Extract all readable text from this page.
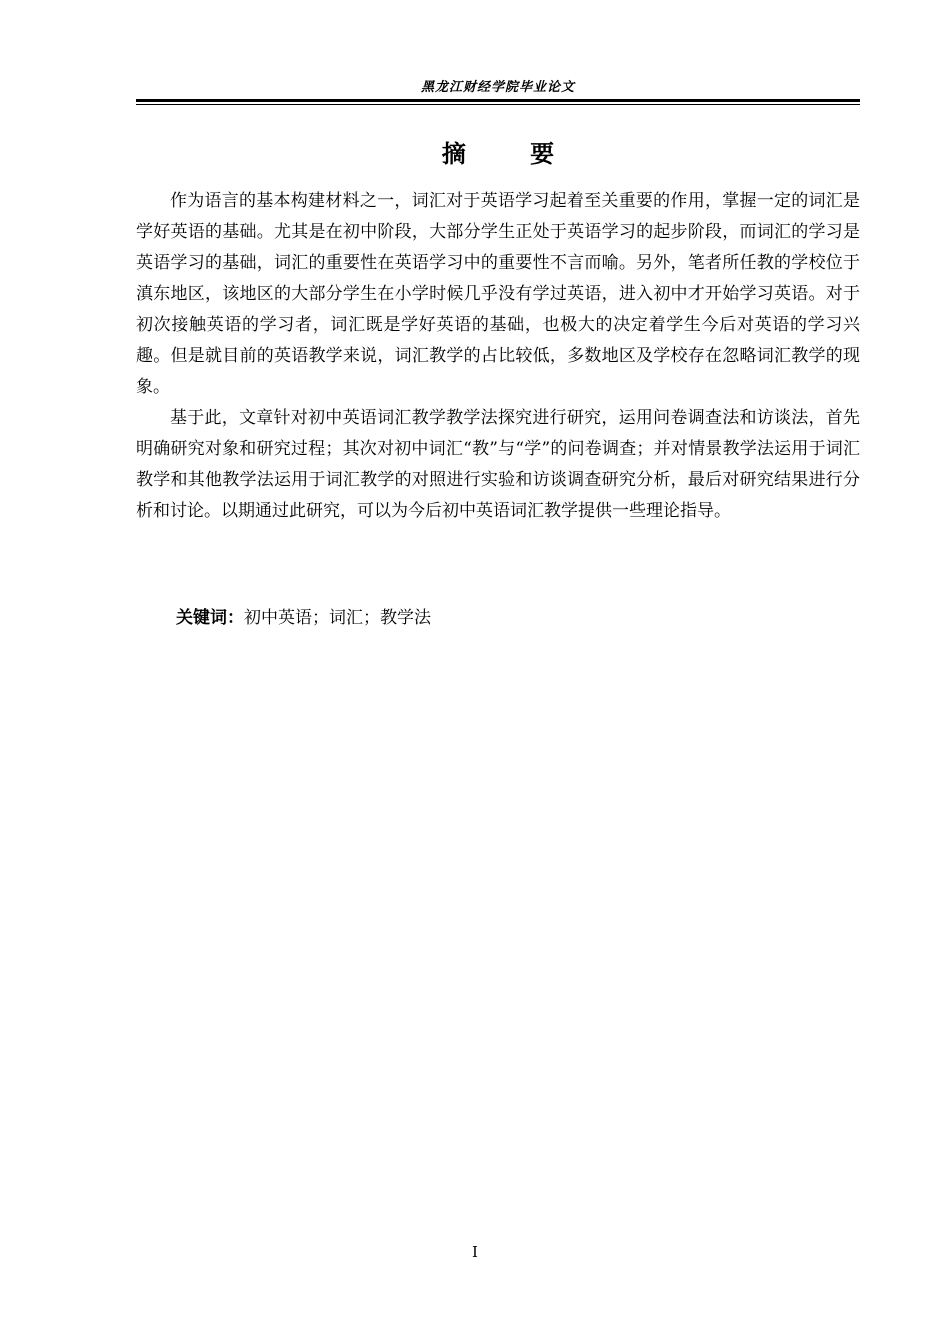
黑龙江财经学院毕业论文
摘 要

作为语言的基本构建材料之一，词汇对于英语学习起着至关重要的作用，掌握一定的词汇是学好英语的基础。尤其是在初中阶段，大部分学生正处于英语学习的起步阶段，而词汇的学习是英语学习的基础，词汇的重要性在英语学习中的重要性不言而喻。另外，笔者所任教的学校位于滇东地区，该地区的大部分学生在小学时候几乎没有学过英语，进入初中才开始学习英语。对于初次接触英语的学习者，词汇既是学好英语的基础，也极大的决定着学生今后对英语的学习兴趣。但是就目前的英语教学来说，词汇教学的占比较低，多数地区及学校存在忽略词汇教学的现象。

基于此，文章针对初中英语词汇教学教学法探究进行研究，运用问卷调查法和访谈法，首先明确研究对象和研究过程；其次对初中词汇“教”与“学”的问卷调查；并对情景教学法运用于词汇教学和其他教学法运用于词汇教学的对照进行实验和访谈调查研究分析，最后对研究结果进行分析和讨论。以期通过此研究，可以为今后初中英语词汇教学提供一些理论指导。

关键词：初中英语；词汇；教学法
I
